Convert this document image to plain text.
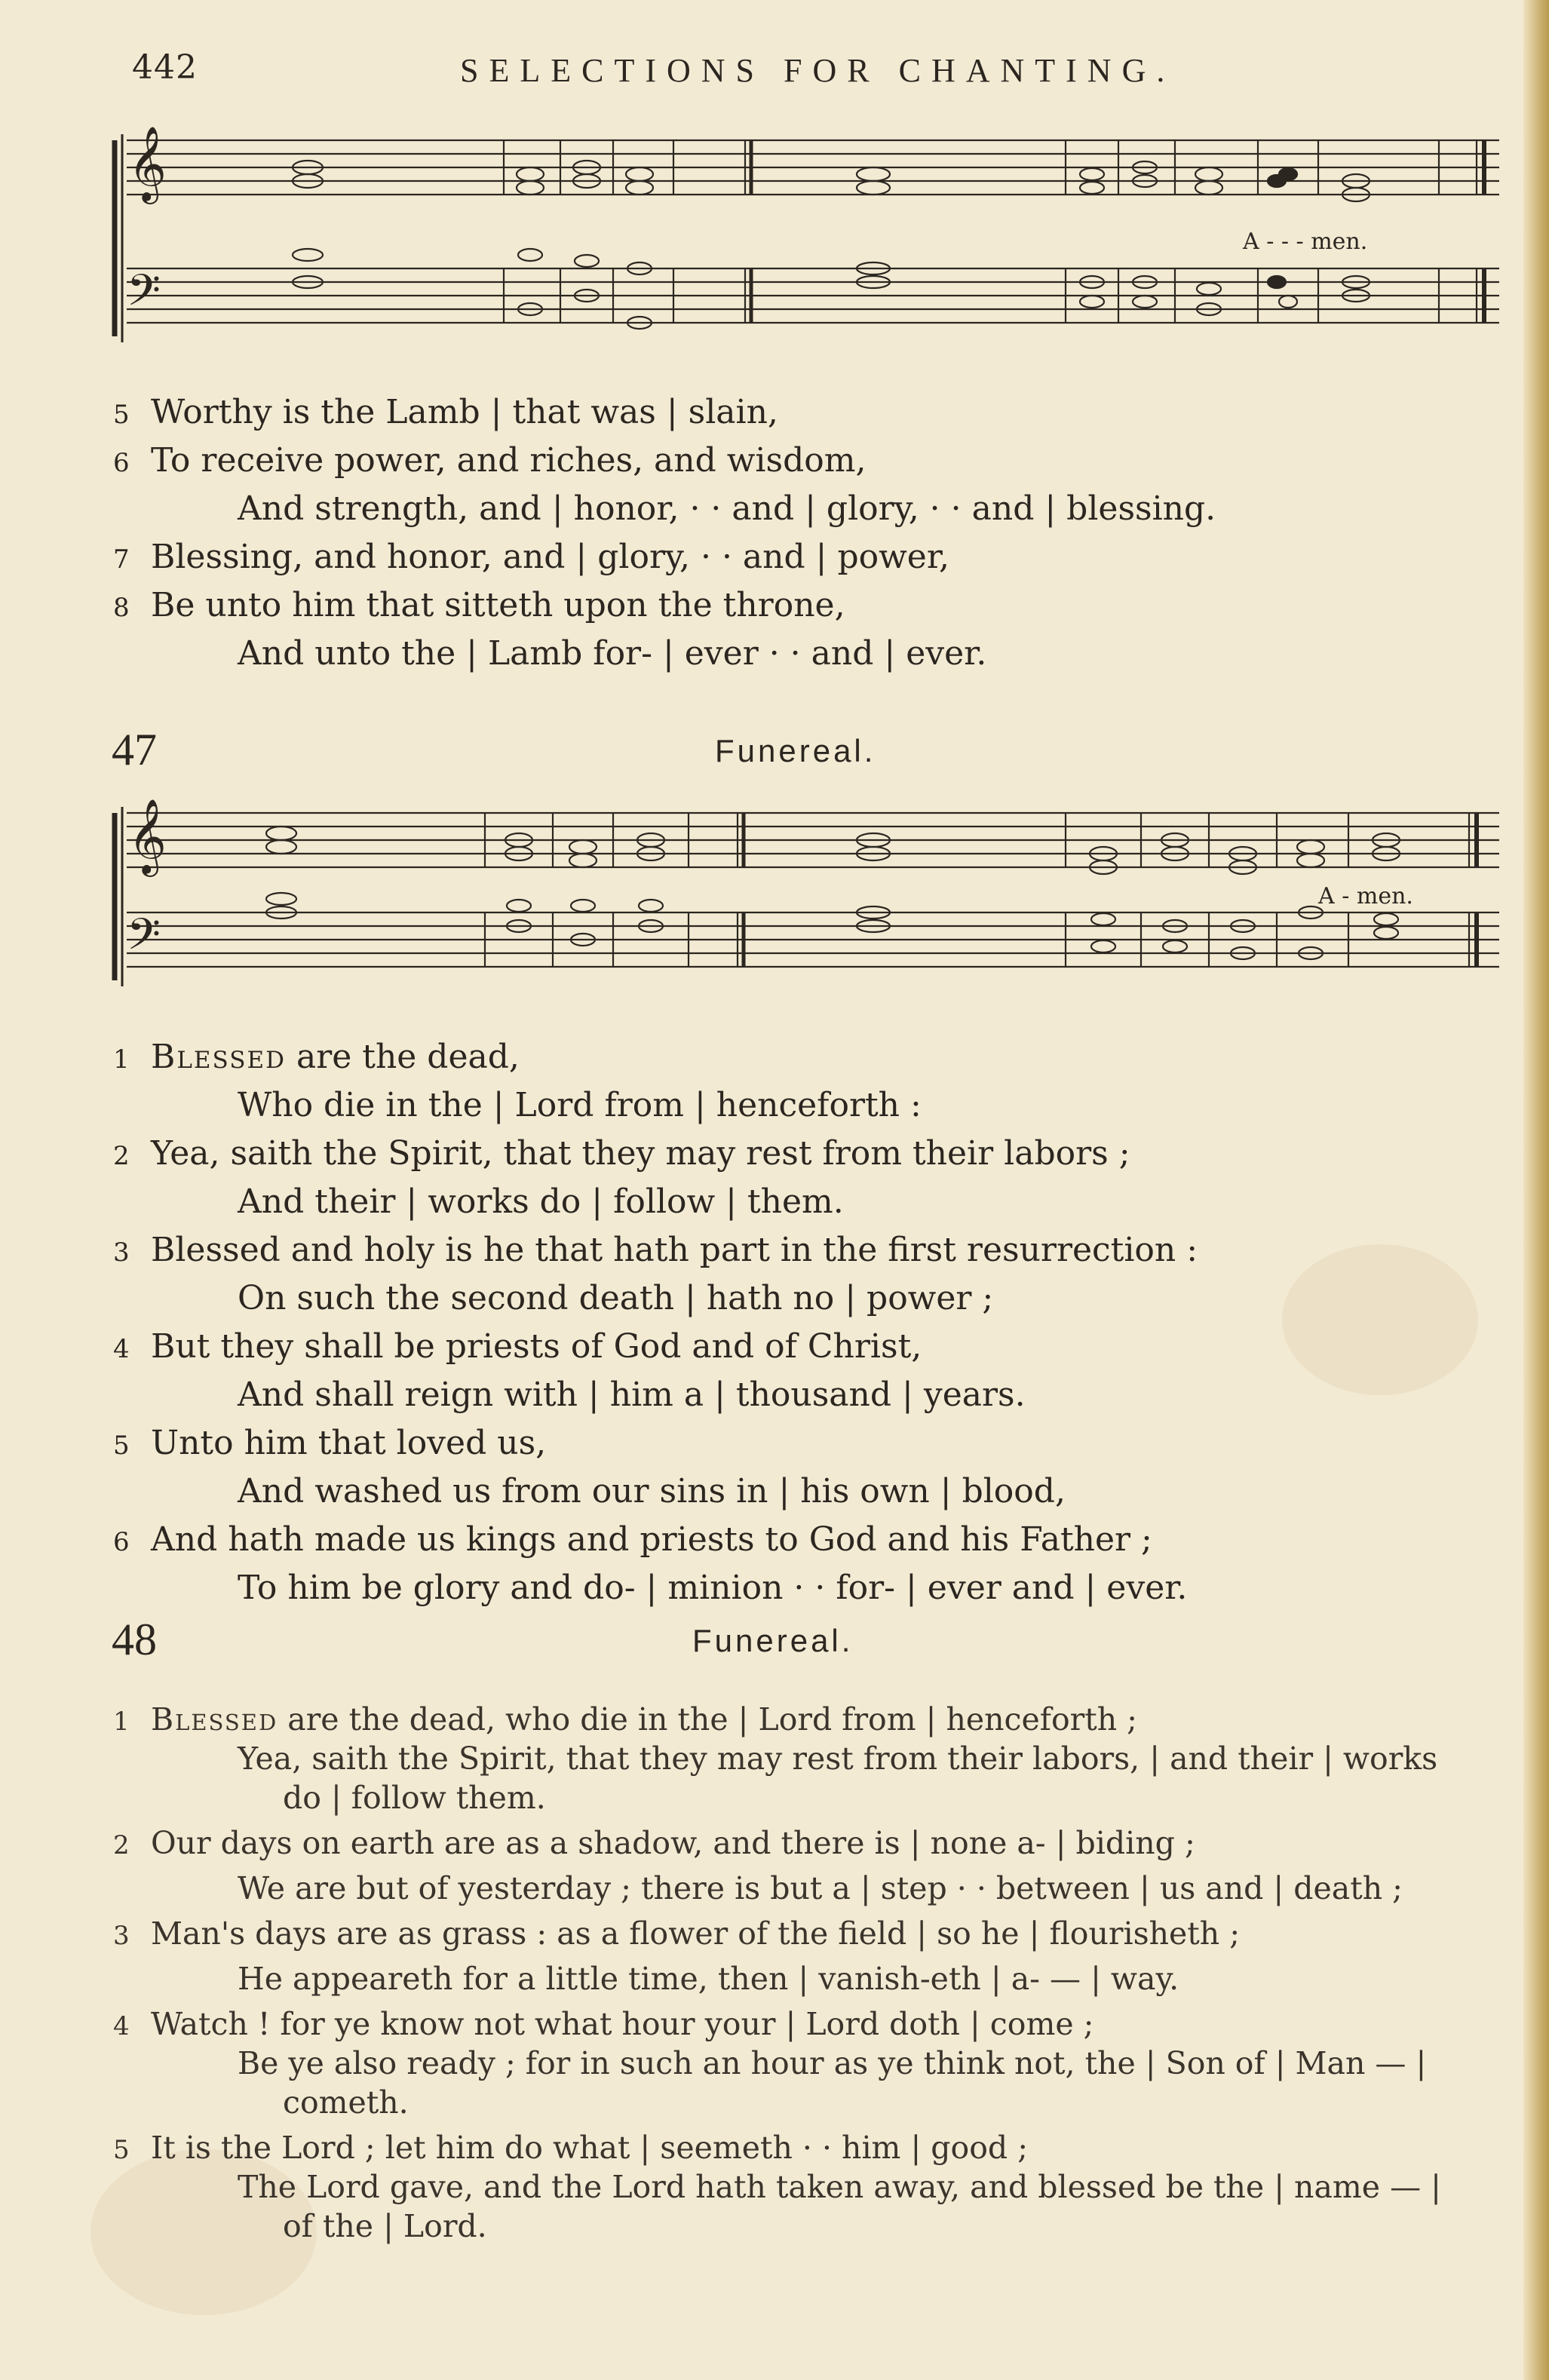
442	SELECTIONS FOR CHANTING.
𝄞
𝄢
A - - - men.
5 Worthy is the Lamb | that was | slain,
6 To receive power, and riches, and wisdom,
And strength, and | honor, · · and | glory, · · and | blessing.
7 Blessing, and honor, and | glory, · · and | power,
8 Be unto him that sitteth upon the throne,
And unto the | Lamb for- | ever · · and | ever.
47	Funereal.
𝄞
𝄢
A - men.
1 Blessed are the dead,
Who die in the | Lord from | henceforth :
2 Yea, saith the Spirit, that they may rest from their labors ;
And their | works do | follow | them.
3 Blessed and holy is he that hath part in the first resurrection :
On such the second death | hath no | power ;
4 But they shall be priests of God and of Christ,
And shall reign with | him a | thousand | years.
5 Unto him that loved us,
And washed us from our sins in | his own | blood,
6 And hath made us kings and priests to God and his Father ;
To him be glory and do- | minion · · for- | ever and | ever.
48	Funereal.
1 Blessed are the dead, who die in the | Lord from | henceforth ;
Yea, saith the Spirit, that they may rest from their labors, | and their | works
do | follow them.
2 Our days on earth are as a shadow, and there is | none a- | biding ;
We are but of yesterday ; there is but a | step · · between | us and | death ;
3 Man's days are as grass : as a flower of the field | so he | flourisheth ;
He appeareth for a little time, then | vanish-eth | a- — | way.
4 Watch ! for ye know not what hour your | Lord doth | come ;
Be ye also ready ; for in such an hour as ye think not, the | Son of | Man — |
cometh.
5 It is the Lord ; let him do what | seemeth · · him | good ;
The Lord gave, and the Lord hath taken away, and blessed be the | name — |
of the | Lord.
